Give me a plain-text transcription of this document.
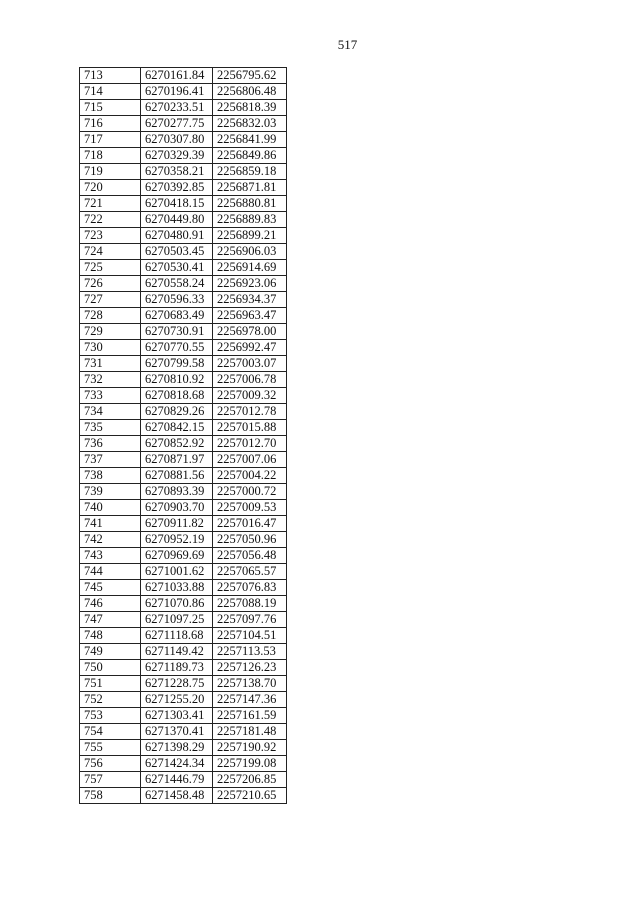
517
713	6270161.84	2256795.62
714	6270196.41	2256806.48
715	6270233.51	2256818.39
716	6270277.75	2256832.03
717	6270307.80	2256841.99
718	6270329.39	2256849.86
719	6270358.21	2256859.18
720	6270392.85	2256871.81
721	6270418.15	2256880.81
722	6270449.80	2256889.83
723	6270480.91	2256899.21
724	6270503.45	2256906.03
725	6270530.41	2256914.69
726	6270558.24	2256923.06
727	6270596.33	2256934.37
728	6270683.49	2256963.47
729	6270730.91	2256978.00
730	6270770.55	2256992.47
731	6270799.58	2257003.07
732	6270810.92	2257006.78
733	6270818.68	2257009.32
734	6270829.26	2257012.78
735	6270842.15	2257015.88
736	6270852.92	2257012.70
737	6270871.97	2257007.06
738	6270881.56	2257004.22
739	6270893.39	2257000.72
740	6270903.70	2257009.53
741	6270911.82	2257016.47
742	6270952.19	2257050.96
743	6270969.69	2257056.48
744	6271001.62	2257065.57
745	6271033.88	2257076.83
746	6271070.86	2257088.19
747	6271097.25	2257097.76
748	6271118.68	2257104.51
749	6271149.42	2257113.53
750	6271189.73	2257126.23
751	6271228.75	2257138.70
752	6271255.20	2257147.36
753	6271303.41	2257161.59
754	6271370.41	2257181.48
755	6271398.29	2257190.92
756	6271424.34	2257199.08
757	6271446.79	2257206.85
758	6271458.48	2257210.65
